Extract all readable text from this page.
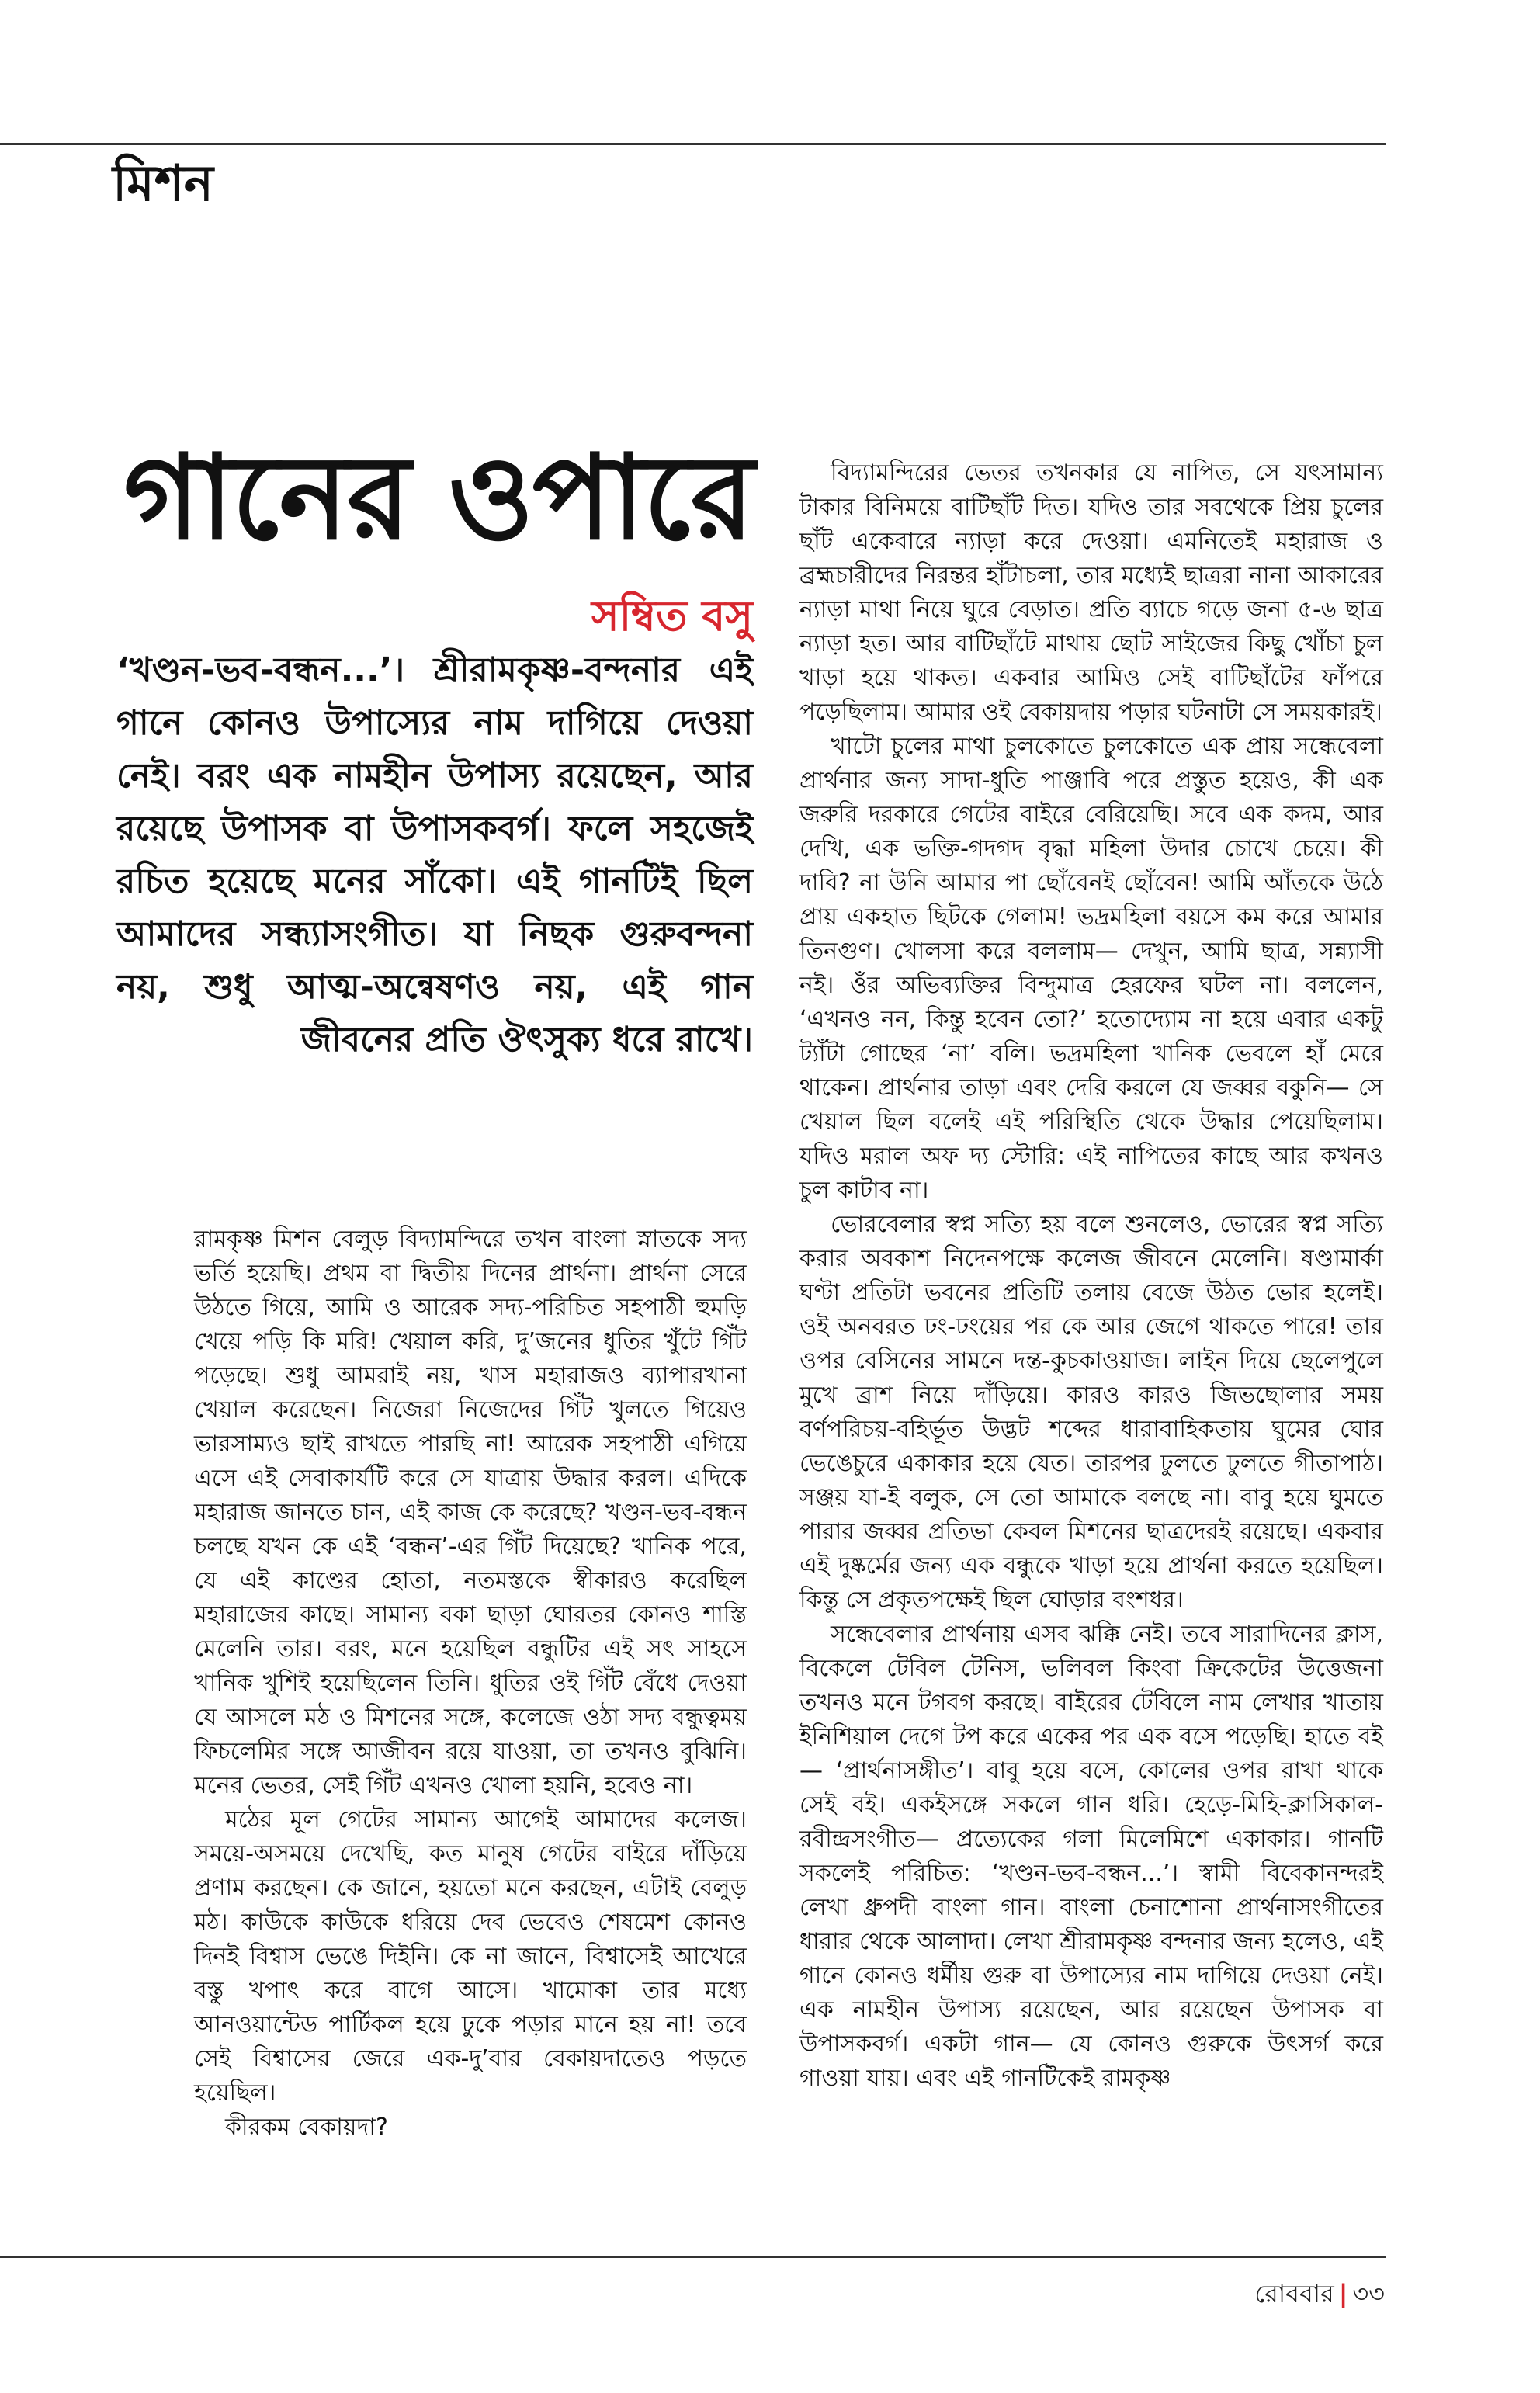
মিশন
গানের ওপারে
সম্বিত বসু
‘খণ্ডন-ভব-বন্ধন...’। শ্রীরামকৃষ্ণ-বন্দনার এই গানে কোনও উপাস্যের নাম দাগিয়ে দেওয়া নেই। বরং এক নামহীন উপাস্য রয়েছেন, আর রয়েছে উপাসক বা উপাসকবর্গ। ফলে সহজেই রচিত হয়েছে মনের সাঁকো। এই গানটিই ছিল আমাদের সন্ধ্যাসংগীত। যা নিছক গুরুবন্দনা নয়, শুধু আত্ম-অন্বেষণও নয়, এই গান জীবনের প্রতি ঔৎসুক্য ধরে রাখে।

রামকৃষ্ণ মিশন বেলুড় বিদ্যামন্দিরে তখন বাংলা স্নাতকে সদ্য ভর্তি হয়েছি। প্রথম বা দ্বিতীয় দিনের প্রার্থনা। প্রার্থনা সেরে উঠতে গিয়ে, আমি ও আরেক সদ্য-পরিচিত সহপাঠী হুমড়ি খেয়ে পড়ি কি মরি! খেয়াল করি, দু’জনের ধুতির খুঁটে গিঁট পড়েছে। শুধু আমরাই নয়, খাস মহারাজও ব্যাপারখানা খেয়াল করেছেন। নিজেরা নিজেদের গিঁট খুলতে গিয়েও ভারসাম্যও ছাই রাখতে পারছি না! আরেক সহপাঠী এগিয়ে এসে এই সেবাকার্যটি করে সে যাত্রায় উদ্ধার করল। এদিকে মহারাজ জানতে চান, এই কাজ কে করেছে? খণ্ডন-ভব-বন্ধন চলছে যখন কে এই ‘বন্ধন’-এর গিঁট দিয়েছে? খানিক পরে, যে এই কাণ্ডের হোতা, নতমস্তকে স্বীকারও করেছিল মহারাজের কাছে। সামান্য বকা ছাড়া ঘোরতর কোনও শাস্তি মেলেনি তার। বরং, মনে হয়েছিল বন্ধুটির এই সৎ সাহসে খানিক খুশিই হয়েছিলেন তিনি। ধুতির ওই গিঁট বেঁধে দেওয়া যে আসলে মঠ ও মিশনের সঙ্গে, কলেজে ওঠা সদ্য বন্ধুত্বময় ফিচলেমির সঙ্গে আজীবন রয়ে যাওয়া, তা তখনও বুঝিনি। মনের ভেতর, সেই গিঁট এখনও খোলা হয়নি, হবেও না।

মঠের মূল গেটের সামান্য আগেই আমাদের কলেজ। সময়ে-অসময়ে দেখেছি, কত মানুষ গেটের বাইরে দাঁড়িয়ে প্রণাম করছেন। কে জানে, হয়তো মনে করছেন, এটাই বেলুড় মঠ। কাউকে কাউকে ধরিয়ে দেব ভেবেও শেষমেশ কোনও দিনই বিশ্বাস ভেঙে দিইনি। কে না জানে, বিশ্বাসেই আখেরে বস্তু খপাৎ করে বাগে আসে। খামোকা তার মধ্যে আনওয়ান্টেড পার্টিকল হয়ে ঢুকে পড়ার মানে হয় না! তবে সেই বিশ্বাসের জেরে এক-দু’বার বেকায়দাতেও পড়তে হয়েছিল।

কীরকম বেকায়দা?

বিদ্যামন্দিরের ভেতর তখনকার যে নাপিত, সে যৎসামান্য টাকার বিনিময়ে বাটিছাঁট দিত। যদিও তার সবথেকে প্রিয় চুলের ছাঁট একেবারে ন্যাড়া করে দেওয়া। এমনিতেই মহারাজ ও ব্রহ্মচারীদের নিরন্তর হাঁটাচলা, তার মধ্যেই ছাত্ররা নানা আকারের ন্যাড়া মাথা নিয়ে ঘুরে বেড়াত। প্রতি ব্যাচে গড়ে জনা ৫-৬ ছাত্র ন্যাড়া হত। আর বাটিছাঁটে মাথায় ছোট সাইজের কিছু খোঁচা চুল খাড়া হয়ে থাকত। একবার আমিও সেই বাটিছাঁটের ফাঁপরে পড়েছিলাম। আমার ওই বেকায়দায় পড়ার ঘটনাটা সে সময়কারই।

খাটো চুলের মাথা চুলকোতে চুলকোতে এক প্রায় সন্ধেবেলা প্রার্থনার জন্য সাদা-ধুতি পাঞ্জাবি পরে প্রস্তুত হয়েও, কী এক জরুরি দরকারে গেটের বাইরে বেরিয়েছি। সবে এক কদম, আর দেখি, এক ভক্তি-গদগদ বৃদ্ধা মহিলা উদার চোখে চেয়ে। কী দাবি? না উনি আমার পা ছোঁবেনই ছোঁবেন! আমি আঁতকে উঠে প্রায় একহাত ছিটকে গেলাম! ভদ্রমহিলা বয়সে কম করে আমার তিনগুণ। খোলসা করে বললাম— দেখুন, আমি ছাত্র, সন্ন্যাসী নই। ওঁর অভিব্যক্তির বিন্দুমাত্র হেরফের ঘটল না। বললেন, ‘এখনও নন, কিন্তু হবেন তো?’ হতোদ্যোম না হয়ে এবার একটু ট্যাঁটা গোছের ‘না’ বলি। ভদ্রমহিলা খানিক ভেবলে হাঁ মেরে থাকেন। প্রার্থনার তাড়া এবং দেরি করলে যে জব্বর বকুনি— সে খেয়াল ছিল বলেই এই পরিস্থিতি থেকে উদ্ধার পেয়েছিলাম। যদিও মরাল অফ দ্য স্টোরি: এই নাপিতের কাছে আর কখনও চুল কাটাব না।

ভোরবেলার স্বপ্ন সত্যি হয় বলে শুনলেও, ভোরের স্বপ্ন সত্যি করার অবকাশ নিদেনপক্ষে কলেজ জীবনে মেলেনি। ষণ্ডামার্কা ঘণ্টা প্রতিটা ভবনের প্রতিটি তলায় বেজে উঠত ভোর হলেই। ওই অনবরত ঢং-ঢংয়ের পর কে আর জেগে থাকতে পারে! তার ওপর বেসিনের সামনে দন্ত-কুচকাওয়াজ। লাইন দিয়ে ছেলেপুলে মুখে ব্রাশ নিয়ে দাঁড়িয়ে। কারও কারও জিভছোলার সময় বর্ণপরিচয়-বহির্ভূত উদ্ভট শব্দের ধারাবাহিকতায় ঘুমের ঘোর ভেঙেচুরে একাকার হয়ে যেত। তারপর ঢুলতে ঢুলতে গীতাপাঠ। সঞ্জয় যা-ই বলুক, সে তো আমাকে বলছে না। বাবু হয়ে ঘুমতে পারার জব্বর প্রতিভা কেবল মিশনের ছাত্রদেরই রয়েছে। একবার এই দুষ্কর্মের জন্য এক বন্ধুকে খাড়া হয়ে প্রার্থনা করতে হয়েছিল। কিন্তু সে প্রকৃতপক্ষেই ছিল ঘোড়ার বংশধর।

সন্ধেবেলার প্রার্থনায় এসব ঝক্কি নেই। তবে সারাদিনের ক্লাস, বিকেলে টেবিল টেনিস, ভলিবল কিংবা ক্রিকেটের উত্তেজনা তখনও মনে টগবগ করছে। বাইরের টেবিলে নাম লেখার খাতায় ইনিশিয়াল দেগে টপ করে একের পর এক বসে পড়েছি। হাতে বই— ‘প্রার্থনাসঙ্গীত’। বাবু হয়ে বসে, কোলের ওপর রাখা থাকে সেই বই। একইসঙ্গে সকলে গান ধরি। হেড়ে-মিহি-ক্লাসিকাল-রবীন্দ্রসংগীত— প্রত্যেকের গলা মিলেমিশে একাকার। গানটি সকলেই পরিচিত: ‘খণ্ডন-ভব-বন্ধন...’। স্বামী বিবেকানন্দরই লেখা ধ্রুপদী বাংলা গান। বাংলা চেনাশোনা প্রার্থনাসংগীতের ধারার থেকে আলাদা। লেখা শ্রীরামকৃষ্ণ বন্দনার জন্য হলেও, এই গানে কোনও ধর্মীয় গুরু বা উপাস্যের নাম দাগিয়ে দেওয়া নেই। এক নামহীন উপাস্য রয়েছেন, আর রয়েছেন উপাসক বা উপাসকবর্গ। একটা গান— যে কোনও গুরুকে উৎসর্গ করে গাওয়া যায়। এবং এই গানটিকেই রামকৃষ্ণ

রোববার | ৩৩
